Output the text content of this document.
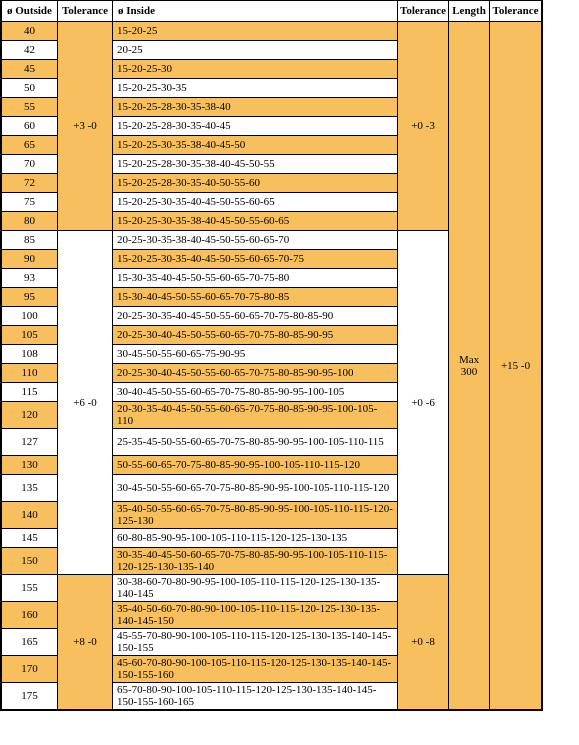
ø Outside	Tolerance	ø Inside	Tolerance	Length	Tolerance
40	+3 -0	15-20-25	+0 -3	Max 300	+15 -0
42		20-25			
45		15-20-25-30			
50		15-20-25-30-35			
55		15-20-25-28-30-35-38-40			
60		15-20-25-28-30-35-40-45			
65		15-20-25-30-35-38-40-45-50			
70		15-20-25-28-30-35-38-40-45-50-55			
72		15-20-25-28-30-35-40-50-55-60			
75		15-20-25-30-35-40-45-50-55-60-65			
80		15-20-25-30-35-38-40-45-50-55-60-65			
85	+6 -0	20-25-30-35-38-40-45-50-55-60-65-70	+0 -6		
90		15-20-25-30-35-40-45-50-55-60-65-70-75			
93		15-30-35-40-45-50-55-60-65-70-75-80			
95		15-30-40-45-50-55-60-65-70-75-80-85			
100		20-25-30-35-40-45-50-55-60-65-70-75-80-85-90			
105		20-25-30-40-45-50-55-60-65-70-75-80-85-90-95			
108		30-45-50-55-60-65-75-90-95			
110		20-25-30-40-45-50-55-60-65-70-75-80-85-90-95-100			
115		30-40-45-50-55-60-65-70-75-80-85-90-95-100-105			
120		20-30-35-40-45-50-55-60-65-70-75-80-85-90-95-100-105-110			
127		25-35-45-50-55-60-65-70-75-80-85-90-95-100-105-110-115			
130		50-55-60-65-70-75-80-85-90-95-100-105-110-115-120			
135		30-45-50-55-60-65-70-75-80-85-90-95-100-105-110-115-120			
140		35-40-50-55-60-65-70-75-80-85-90-95-100-105-110-115-120-125-130			
145		60-80-85-90-95-100-105-110-115-120-125-130-135			
150		30-35-40-45-50-60-65-70-75-80-85-90-95-100-105-110-115-120-125-130-135-140			
155	+8 -0	30-38-60-70-80-90-95-100-105-110-115-120-125-130-135-140-145	+0 -8		
160		35-40-50-60-70-80-90-100-105-110-115-120-125-130-135-140-145-150			
165		45-55-70-80-90-100-105-110-115-120-125-130-135-140-145-150-155			
170		45-60-70-80-90-100-105-110-115-120-125-130-135-140-145-150-155-160			
175		65-70-80-90-100-105-110-115-120-125-130-135-140-145-150-155-160-165			
